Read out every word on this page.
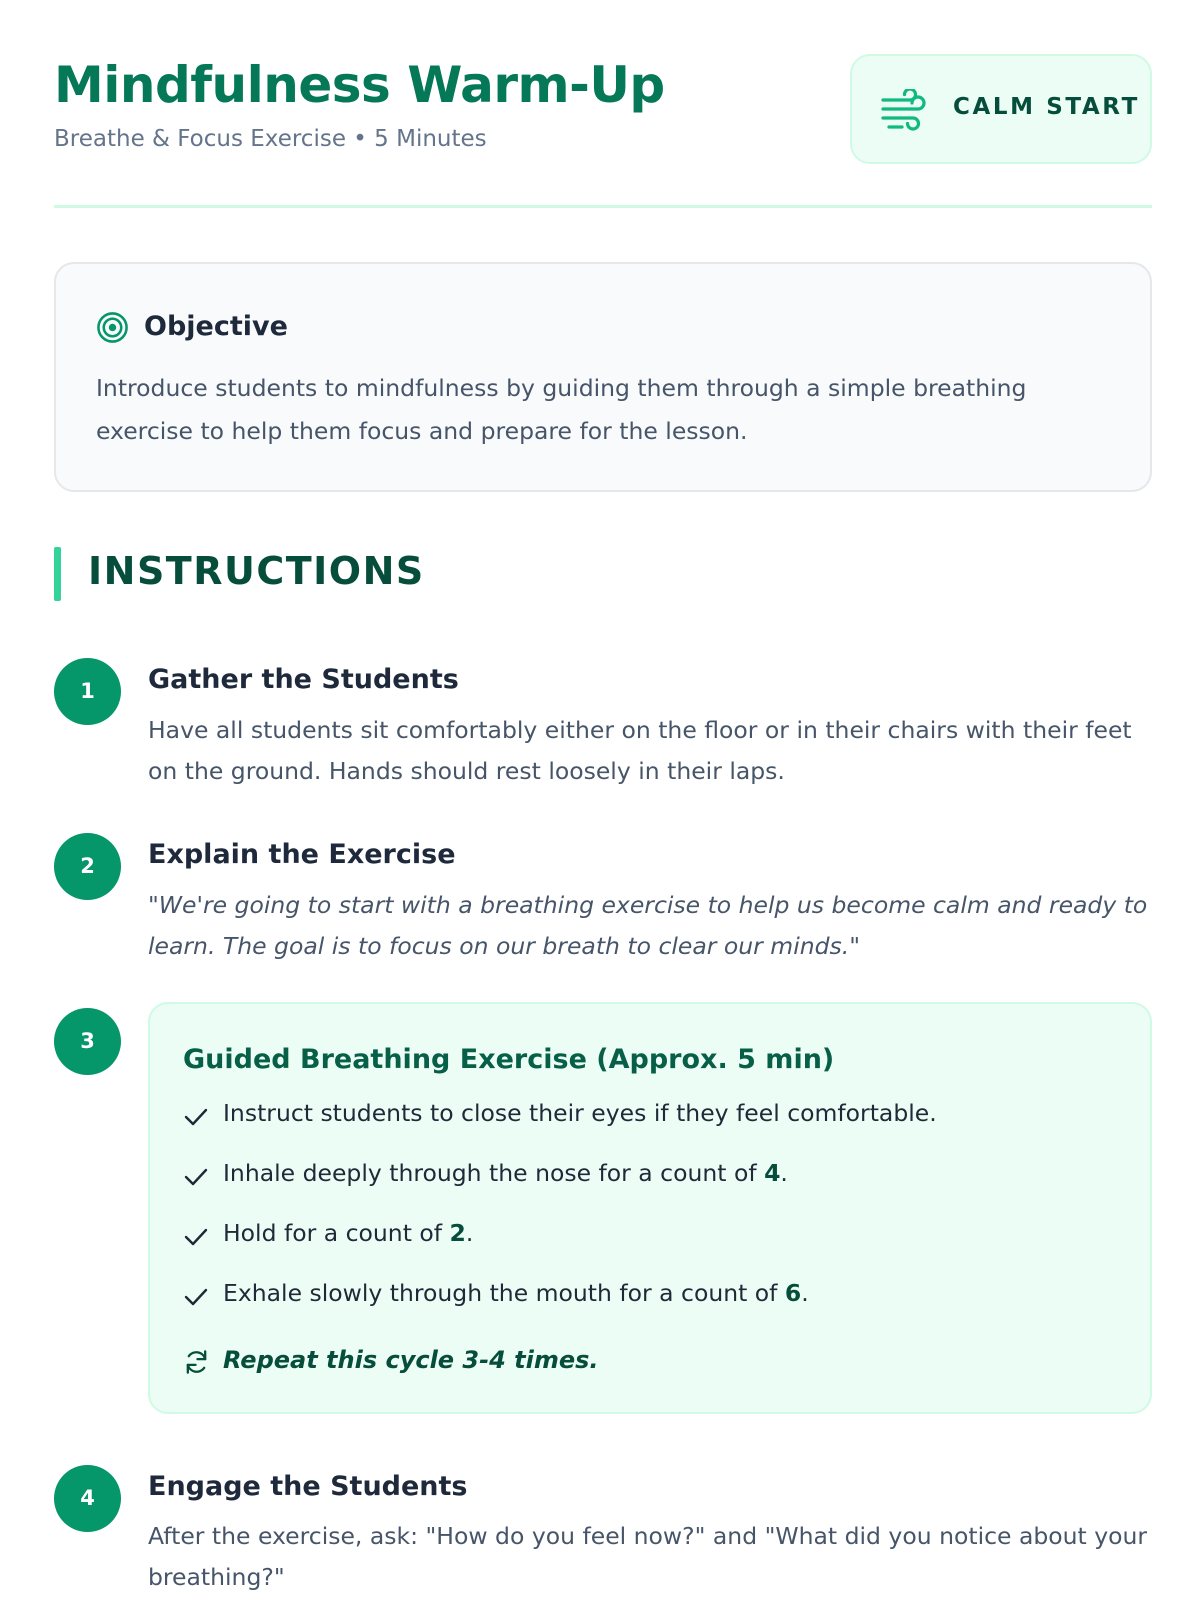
Mindfulness Warm-Up
Breathe & Focus Exercise • 5 Minutes
CALM START
Objective

Introduce students to mindfulness by guiding them through a simple breathing exercise to help them focus and prepare for the lesson.

INSTRUCTIONS
1	Gather the Students

Have all students sit comfortably either on the floor or in their chairs with their feet on the ground. Hands should rest loosely in their laps.

2	Explain the Exercise

"We're going to start with a breathing exercise to help us become calm and ready to learn. The goal is to focus on our breath to clear our minds."

3
Guided Breathing Exercise (Approx. 5 min)
Instruct students to close their eyes if they feel comfortable.
Inhale deeply through the nose for a count of 4.
Hold for a count of 2.
Exhale slowly through the mouth for a count of 6.
Repeat this cycle 3-4 times.
4	Engage the Students

After the exercise, ask: "How do you feel now?" and "What did you notice about your breathing?"
